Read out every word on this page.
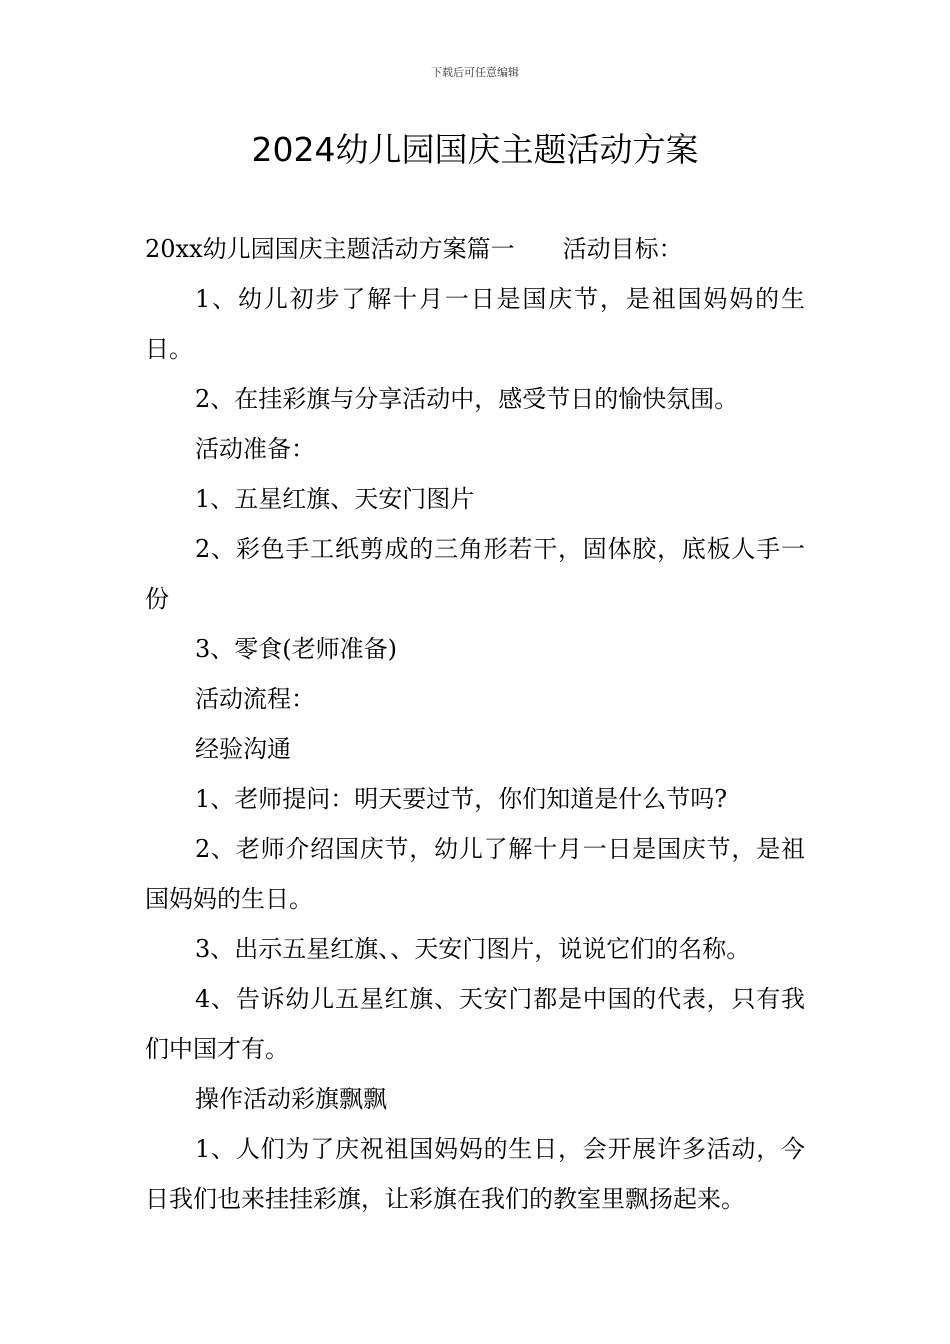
下载后可任意编辑
2024幼儿园国庆主题活动方案

20xx幼儿园国庆主题活动方案篇一 活动目标：

1、幼儿初步了解十月一日是国庆节，是祖国妈妈的生日。

2、在挂彩旗与分享活动中，感受节日的愉快氛围。

活动准备：

1、五星红旗、天安门图片

2、彩色手工纸剪成的三角形若干，固体胶，底板人手一份

3、零食(老师准备)

活动流程：

经验沟通

1、老师提问：明天要过节，你们知道是什么节吗?

2、老师介绍国庆节，幼儿了解十月一日是国庆节，是祖国妈妈的生日。

3、出示五星红旗、、天安门图片，说说它们的名称。

4、告诉幼儿五星红旗、天安门都是中国的代表，只有我们中国才有。

操作活动彩旗飘飘

1、人们为了庆祝祖国妈妈的生日，会开展许多活动，今日我们也来挂挂彩旗，让彩旗在我们的教室里飘扬起来。
